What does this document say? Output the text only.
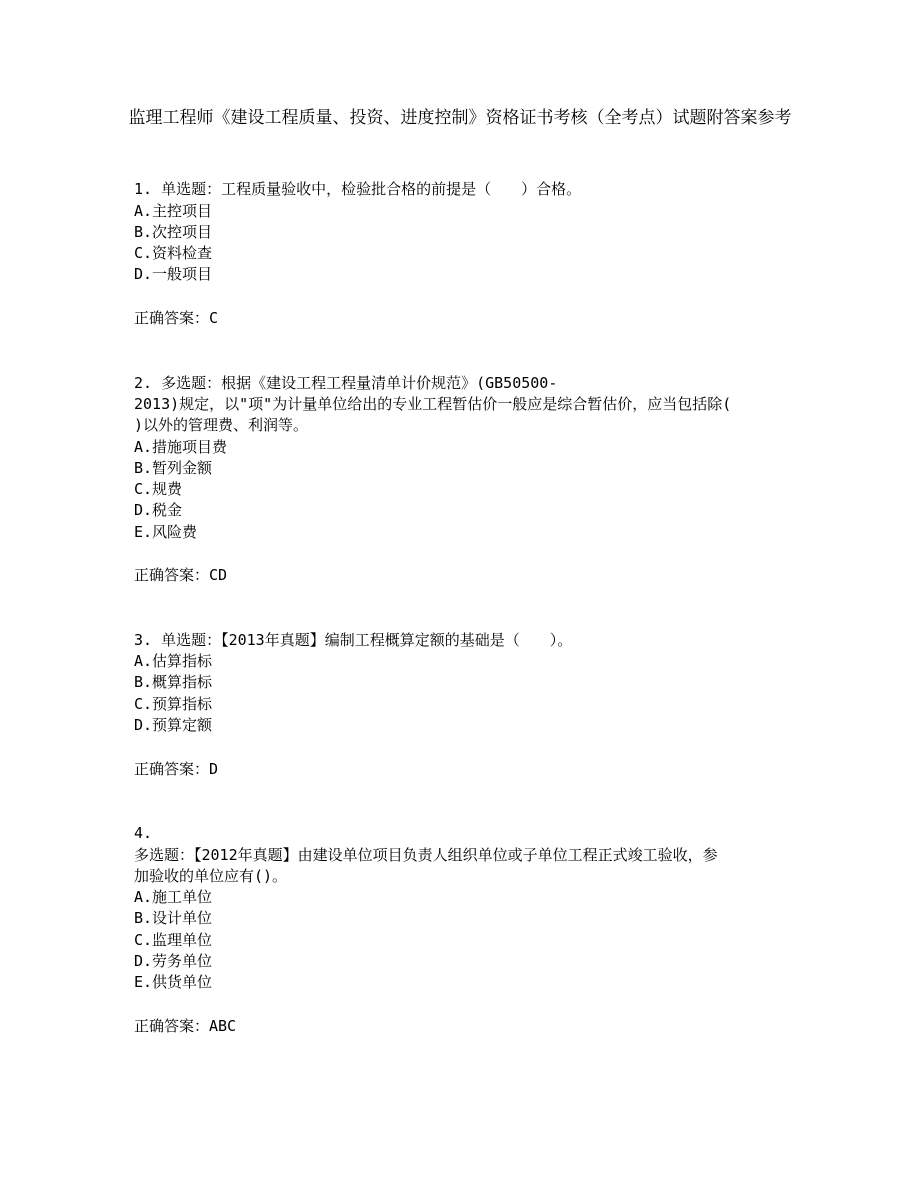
监理工程师《建设工程质量、投资、进度控制》资格证书考核（全考点）试题附答案参考
1. 单选题：工程质量验收中，检验批合格的前提是（　　）合格。
A.主控项目
B.次控项目
C.资料检查
D.一般项目
正确答案：C
2. 多选题：根据《建设工程工程量清单计价规范》(GB50500-
2013)规定，以"项"为计量单位给出的专业工程暂估价一般应是综合暂估价，应当包括除(
)以外的管理费、利润等。
A.措施项目费
B.暂列金额
C.规费
D.税金
E.风险费
正确答案：CD
3. 单选题：【2013年真题】编制工程概算定额的基础是（　　）。
A.估算指标
B.概算指标
C.预算指标
D.预算定额
正确答案：D
4.
多选题：【2012年真题】由建设单位项目负责人组织单位或子单位工程正式竣工验收，参
加验收的单位应有()。
A.施工单位
B.设计单位
C.监理单位
D.劳务单位
E.供货单位
正确答案：ABC
